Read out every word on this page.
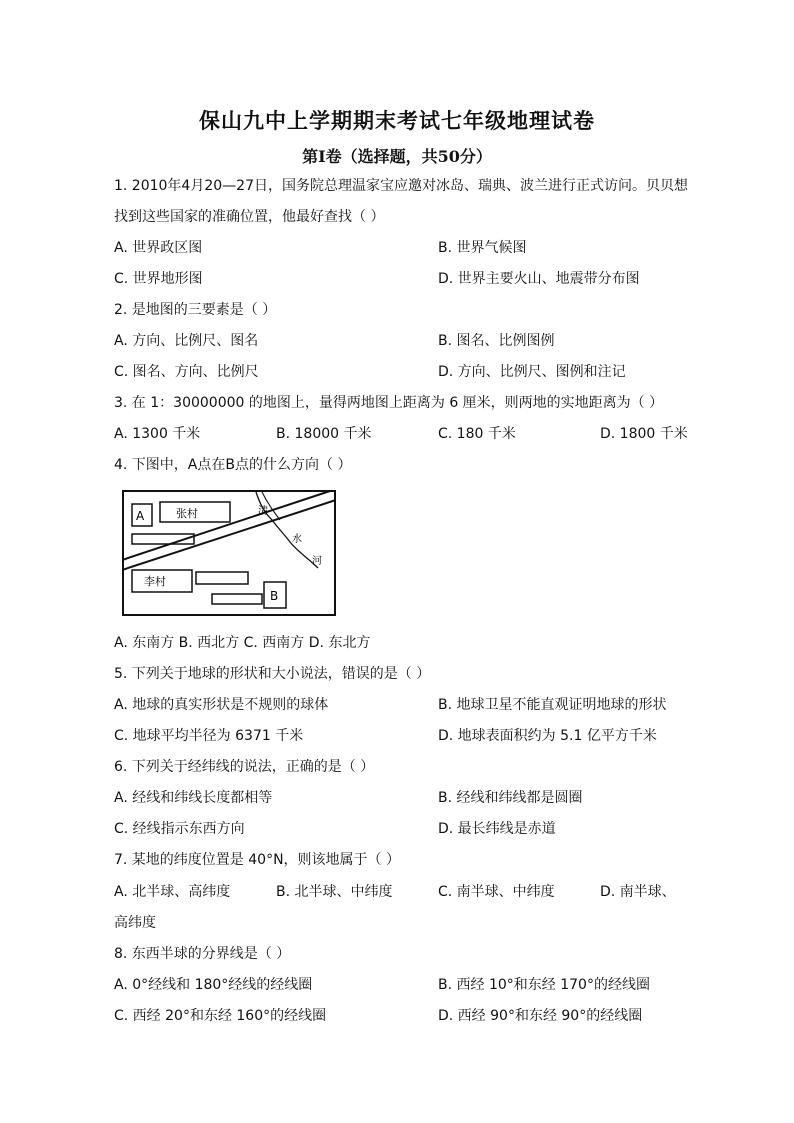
保山九中上学期期末考试七年级地理试卷
第Ⅰ卷（选择题，共50分）
1. 2010年4月20—27日，国务院总理温家宝应邀对冰岛、瑞典、波兰进行正式访问。贝贝想
找到这些国家的准确位置，他最好查找（ ）
A. 世界政区图	B. 世界气候图
C. 世界地形图	D. 世界主要火山、地震带分布图
2. 是地图的三要素是（ ）
A. 方向、比例尺、图名	B. 图名、比例图例
C. 图名、方向、比例尺	D. 方向、比例尺、图例和注记
3. 在 1：30000000 的地图上，量得两地图上距离为 6 厘米，则两地的实地距离为（ ）
A. 1300 千米	B. 18000 千米	C. 180 千米	D. 1800 千米
4. 下图中，A点在B点的什么方向（ ）
A	张村	清
水
河
李村
B
A. 东南方 B. 西北方 C. 西南方 D. 东北方
5. 下列关于地球的形状和大小说法，错误的是（ ）
A. 地球的真实形状是不规则的球体	B. 地球卫星不能直观证明地球的形状
C. 地球平均半径为 6371 千米	D. 地球表面积约为 5.1 亿平方千米
6. 下列关于经纬线的说法，正确的是（ ）
A. 经线和纬线长度都相等	B. 经线和纬线都是圆圈
C. 经线指示东西方向	D. 最长纬线是赤道
7. 某地的纬度位置是 40°N，则该地属于（ ）
A. 北半球、高纬度	B. 北半球、中纬度	C. 南半球、中纬度	D. 南半球、
高纬度
8. 东西半球的分界线是（ ）
A. 0°经线和 180°经线的经线圈	B. 西经 10°和东经 170°的经线圈
C. 西经 20°和东经 160°的经线圈	D. 西经 90°和东经 90°的经线圈
